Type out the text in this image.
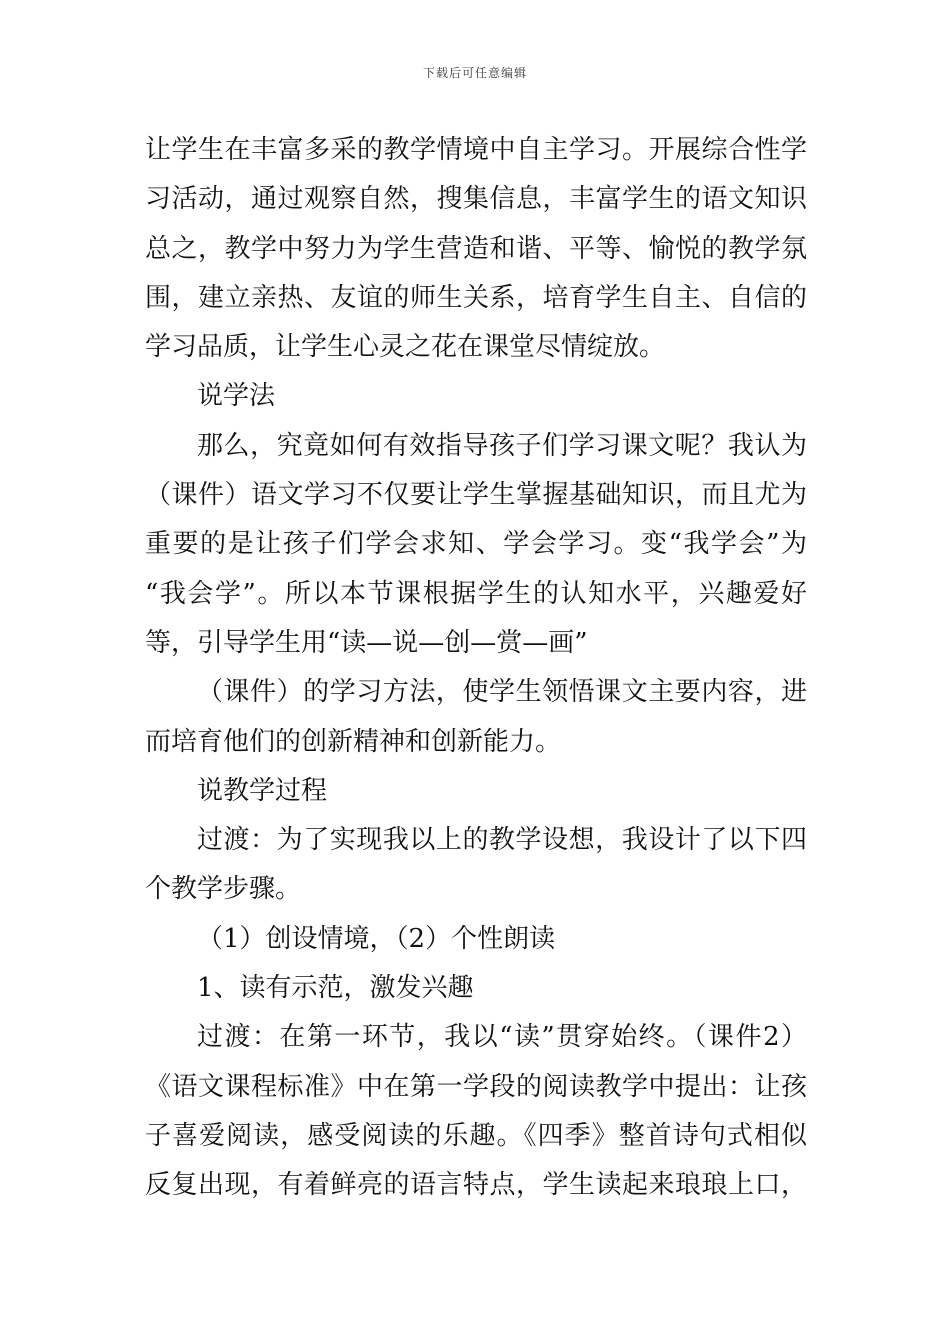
下载后可任意编辑
让学生在丰富多采的教学情境中自主学习。开展综合性学
习活动，通过观察自然，搜集信息，丰富学生的语文知识
总之，教学中努力为学生营造和谐、平等、愉悦的教学氛
围，建立亲热、友谊的师生关系，培育学生自主、自信的
学习品质，让学生心灵之花在课堂尽情绽放。
说学法
那么，究竟如何有效指导孩子们学习课文呢？我认为
（课件）语文学习不仅要让学生掌握基础知识，而且尤为
重要的是让孩子们学会求知、学会学习。变“我学会”为
“我会学”。所以本节课根据学生的认知水平，兴趣爱好
等，引导学生用“读—说—创—赏—画”
（课件）的学习方法，使学生领悟课文主要内容，进
而培育他们的创新精神和创新能力。
说教学过程
过渡：为了实现我以上的教学设想，我设计了以下四
个教学步骤。
（1）创设情境，（2）个性朗读
1、读有示范，激发兴趣
过渡：在第一环节，我以“读”贯穿始终。（课件2）
《语文课程标准》中在第一学段的阅读教学中提出：让孩
子喜爱阅读，感受阅读的乐趣。《四季》整首诗句式相似
反复出现，有着鲜亮的语言特点，学生读起来琅琅上口，
